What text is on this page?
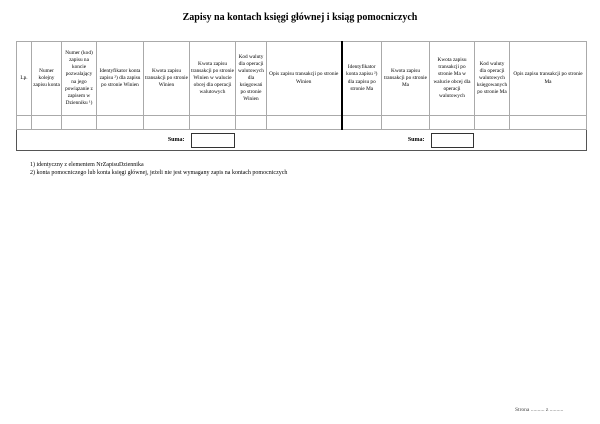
Zapisy na kontach księgi głównej i ksiąg pomocniczych
Lp.	Numer kolejny zapisu konta	Numer (kod) zapisu na koncie pozwalający na jego powiązanie z zapisem w Dzienniku ¹)	Identyfikator konta zapisu ²) dla zapisu po stronie Winien	Kwota zapisu transakcji po stronie Winien	Kwota zapisu transakcji po stronie Winien w walucie obcej dla operacji walutowych	Kod waluty dla operacji walutowych dla księgowań po stronie Winien	Opis zapisu transakcji po stronie Winien	Identyfikator konta zapisu ²) dla zapisu po stronie Ma	Kwota zapisu transakcji po stronie Ma	Kwota zapisu transakcji po stronie Ma w walucie obcej dla operacji walutowych	Kod waluty dla operacji walutowych księgowanych po stronie Ma	Opis zapisu transakcji po stronie Ma

Suma:						Suma:					

1) identyczny z elementem NrZapisuDziennika
2) konta pomocniczego lub konta księgi głównej, jeżeli nie jest wymagany zapis na kontach pomocniczych
Strona .......... z ..........
